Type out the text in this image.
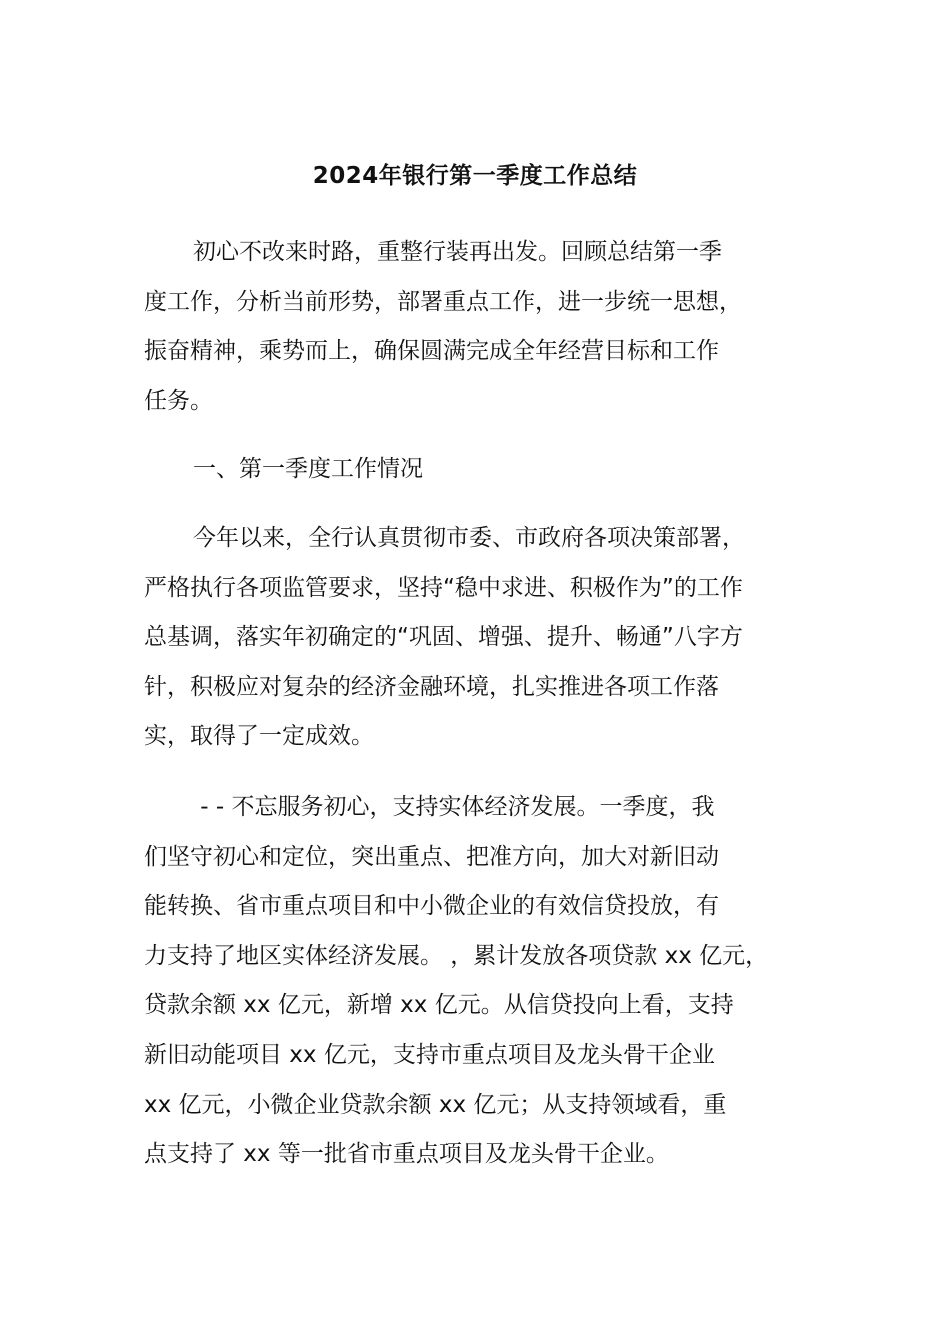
2024年银行第一季度工作总结
初心不改来时路，重整行装再出发。回顾总结第一季
度工作，分析当前形势，部署重点工作，进一步统一思想，
振奋精神，乘势而上，确保圆满完成全年经营目标和工作
任务。
一、第一季度工作情况
今年以来，全行认真贯彻市委、市政府各项决策部署，
严格执行各项监管要求，坚持“稳中求进、积极作为”的工作
总基调，落实年初确定的“巩固、增强、提升、畅通”八字方
针，积极应对复杂的经济金融环境，扎实推进各项工作落
实，取得了一定成效。
- - 不忘服务初心，支持实体经济发展。一季度，我
们坚守初心和定位，突出重点、把准方向，加大对新旧动
能转换、省市重点项目和中小微企业的有效信贷投放，有
力支持了地区实体经济发展。 ，累计发放各项贷款 xx 亿元，
贷款余额 xx 亿元，新增 xx 亿元。从信贷投向上看，支持
新旧动能项目 xx 亿元，支持市重点项目及龙头骨干企业
xx 亿元，小微企业贷款余额 xx 亿元；从支持领域看，重
点支持了 xx 等一批省市重点项目及龙头骨干企业。
